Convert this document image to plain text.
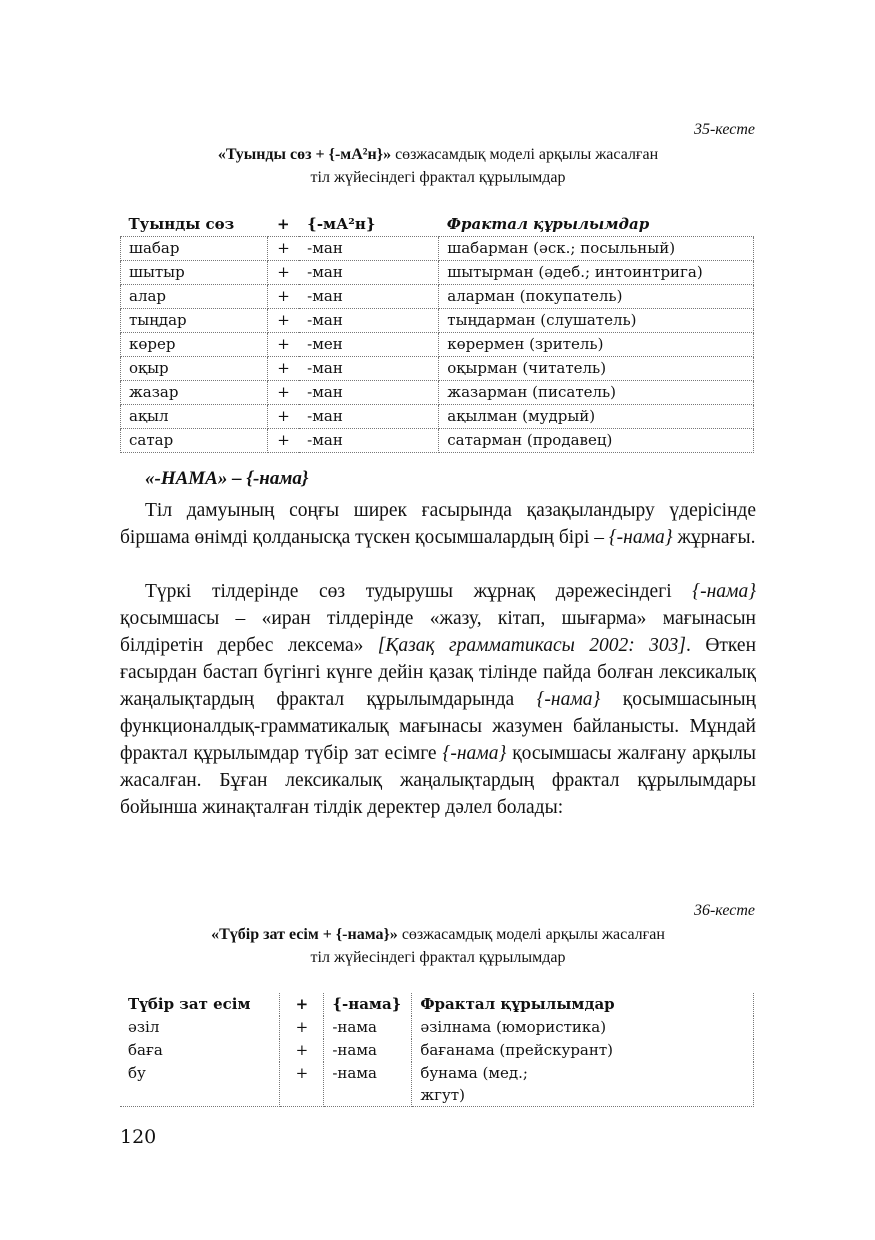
35-кесте
«Туынды сөз + {-мА²н}» сөзжасамдық моделі арқылы жасалған
тіл жүйесіндегі фрактал құрылымдар
Туынды сөз	+	{-мА²н}	Фрактал құрылымдар
шабар	+	-ман	шабарман (әск.; посыльный)
шытыр	+	-ман	шытырман (әдеб.; интоинтрига)
алар	+	-ман	аларман (покупатель)
тыңдар	+	-ман	тыңдарман (слушатель)
көрер	+	-мен	көрермен (зритель)
оқыр	+	-ман	оқырман (читатель)
жазар	+	-ман	жазарман (писатель)
ақыл	+	-ман	ақылман (мудрый)
сатар	+	-ман	сатарман (продавец)
«-НАМА» – {-нама}

Тіл дамуының соңғы ширек ғасырында қазақыландыру үдерісінде біршама өнімді қолданысқа түскен қосымшалардың бірі – {-нама} жұрнағы.

Түркі тілдерінде сөз тудырушы жұрнақ дәрежесіндегі {-нама} қосымшасы – «иран тілдерінде «жазу, кітап, шығарма» мағынасын білдіретін дербес лексема» [Қазақ грамматикасы 2002: 303]. Өткен ғасырдан бастап бүгінгі күнге дейін қазақ тілінде пайда болған лексикалық жаңалықтардың фрактал құрылымдарында {-нама} қосымшасының функционалдық-грамматикалық мағынасы жазумен байланысты. Мұндай фрактал құрылымдар түбір зат есімге {-нама} қосымшасы жалғану арқылы жасалған. Бұған лексикалық жаңалықтардың фрактал құрылымдары бойынша жинақталған тілдік деректер дәлел болады:

36-кесте
«Түбір зат есім + {-нама}» сөзжасамдық моделі арқылы жасалған
тіл жүйесіндегі фрактал құрылымдар
Түбір зат есім	+	{-нама}	Фрактал құрылымдар
әзіл	+	-нама	әзілнама (юмористика)
баға	+	-нама	бағанама (прейскурант)
бу	+	-нама	бунама (мед.;
жгут)
120
